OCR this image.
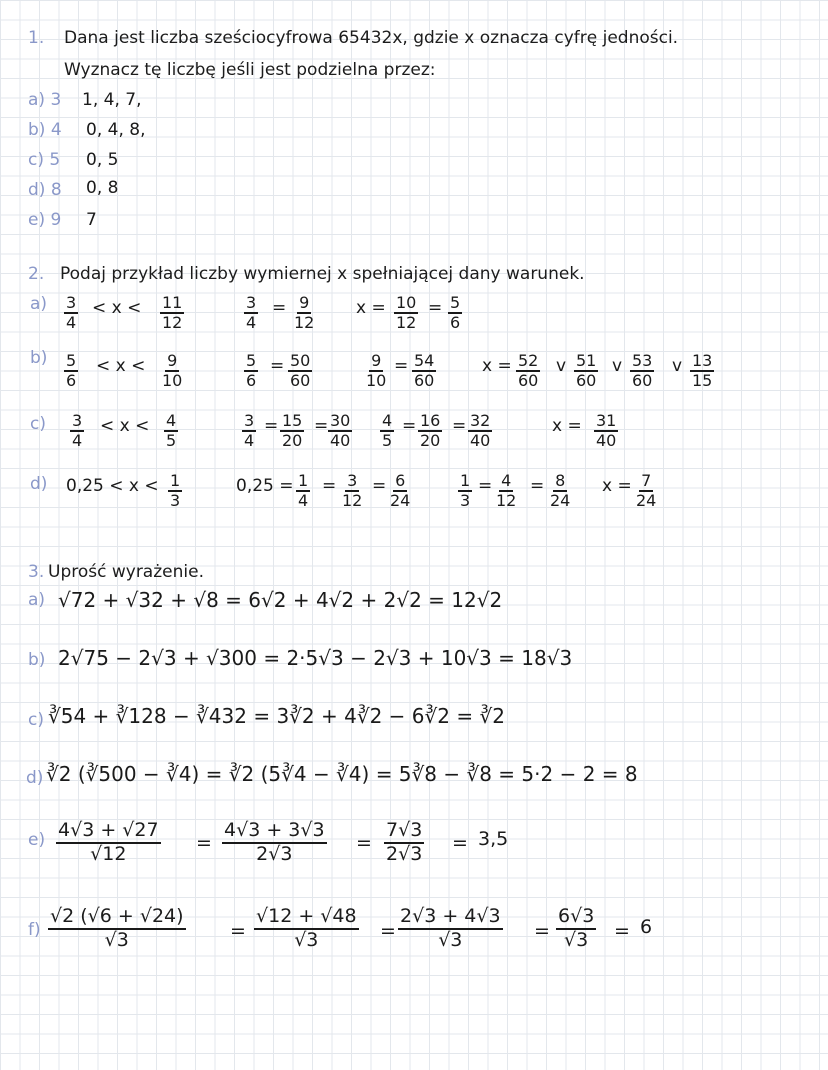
1. Dana jest liczba sześciocyfrowa 65432x, gdzie x oznacza cyfrę jedności.
Wyznacz tę liczbę jeśli jest podzielna przez:
a) 3 1, 4, 7,
b) 4 0, 4, 8,
c) 5 0, 5
d) 8 0, 8
e) 9 7
2. Podaj przykład liczby wymiernej x spełniającej dany warunek.
$a) \frac{3}{4} < x < \frac{11}{12}$	$\frac{3}{4} = \frac{9}{12}$ $x = \frac{10}{12} = \frac{5}{6}$
$b) \frac{5}{6} < x < \frac{9}{10}$	$\frac{5}{6} = \frac{50}{60}$	$\frac{9}{10} = \frac{54}{60}$	$x = \frac{52}{60}$ v $\frac{51}{60}$ v $\frac{53}{60}$ v $\frac{13}{15}$
$c) \frac{3}{4} < x < \frac{4}{5}$	$\frac{3}{4} = \frac{15}{20} = \frac{30}{40} \frac{4}{5} = \frac{16}{20} = \frac{32}{40}$	$x = \frac{31}{40}$
d) $0,25 < x < \frac{1}{3}$	$0,25 = \frac{1}{4} = \frac{3}{12} = \frac{6}{24}$	$\frac{1}{3} = \frac{4}{12} = \frac{8}{24}$ $x = \frac{7}{24}$
3. Uprość wyrażenie.
a) √72 + √32 + √8 = 6√2 + 4√2 + 2√2 = 12√2
b) 2√75 − 2√3 + √300 = 2·5√3 − 2√3 + 10√3 = 18√3
c) ∛54 + ∛128 − ∛432 = 3∛2 + 4∛2 − 6∛2 = ∛2
d) ∛2 (∛500 − ∛4) = ∛2 (5∛4 − ∛4) = 5∛8 − ∛8 = 5·2 − 2 = 8
$e) \frac{4√3 + √27}{√12} = \frac{4√3 + 3√3}{2√3} = \frac{7√3}{2√3} = 3,5$
$f) \frac{√2 (√6 + √24)}{√3} = \frac{√12 + √48}{√3} = \frac{2√3 + 4√3}{√3} = \frac{6√3}{√3} = 6$
